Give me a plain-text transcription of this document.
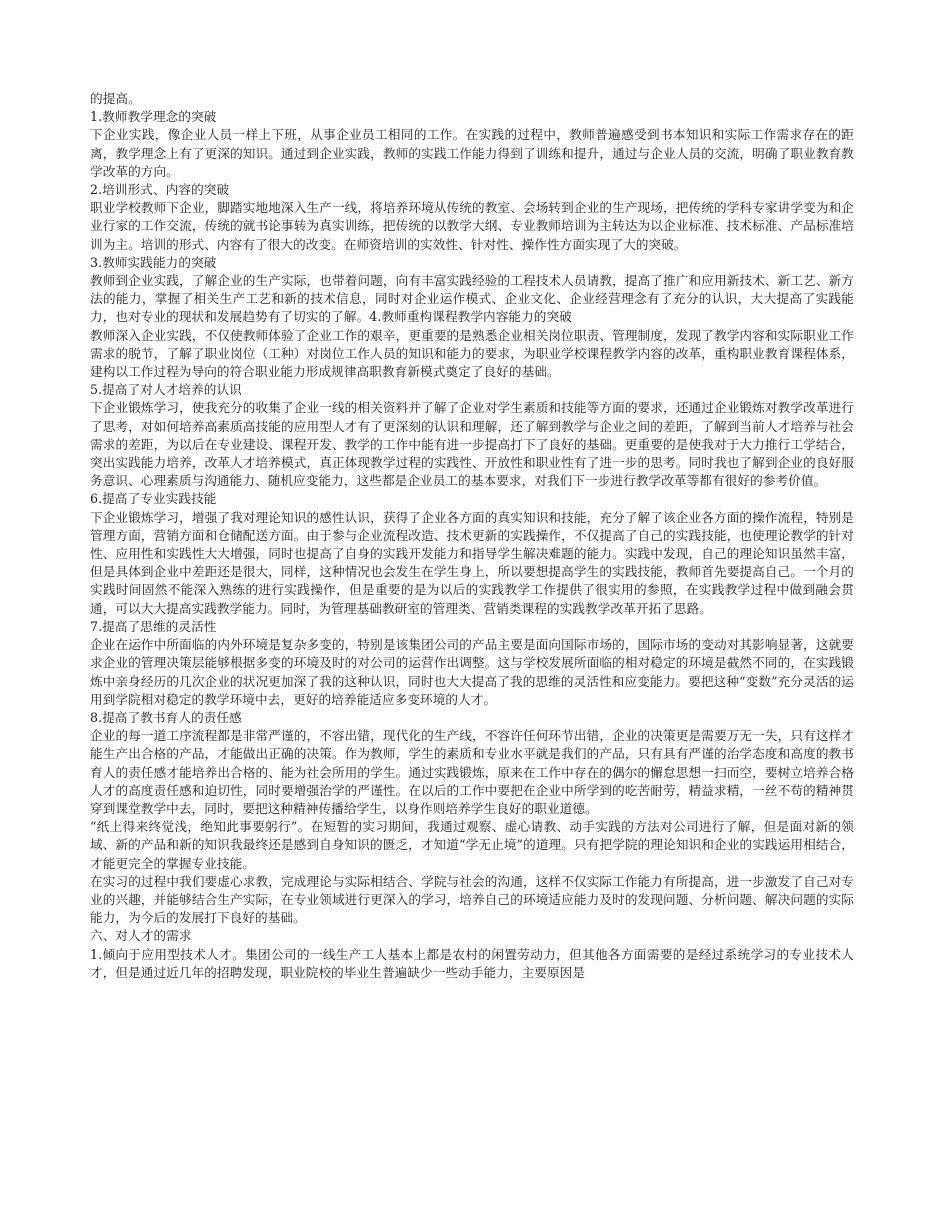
的提高。

1.教师教学理念的突破

下企业实践，像企业人员一样上下班，从事企业员工相同的工作。在实践的过程中，教师普遍感受到书本知识和实际工作需求存在的距离，教学理念上有了更深的知识。通过到企业实践，教师的实践工作能力得到了训练和提升，通过与企业人员的交流，明确了职业教育教学改革的方向。

2.培训形式、内容的突破

职业学校教师下企业，脚踏实地地深入生产一线，将培养环境从传统的教室、会场转到企业的生产现场，把传统的学科专家讲学变为和企业行家的工作交流，传统的就书论事转为真实训练，把传统的以教学大纲、专业教师培训为主转达为以企业标准、技术标准、产品标准培训为主。培训的形式、内容有了很大的改变。在师资培训的实效性、针对性、操作性方面实现了大的突破。

3.教师实践能力的突破

教师到企业实践，了解企业的生产实际，也带着问题，向有丰富实践经验的工程技术人员请教，提高了推广和应用新技术、新工艺、新方法的能力，掌握了相关生产工艺和新的技术信息，同时对企业运作模式、企业文化、企业经营理念有了充分的认识，大大提高了实践能力，也对专业的现状和发展趋势有了切实的了解。4.教师重构课程教学内容能力的突破

教师深入企业实践，不仅使教师体验了企业工作的艰辛，更重要的是熟悉企业相关岗位职责、管理制度，发现了教学内容和实际职业工作需求的脱节，了解了职业岗位（工种）对岗位工作人员的知识和能力的要求，为职业学校课程教学内容的改革，重构职业教育课程体系，建构以工作过程为导向的符合职业能力形成规律高职教育新模式奠定了良好的基础。

5.提高了对人才培养的认识

下企业锻炼学习，使我充分的收集了企业一线的相关资料并了解了企业对学生素质和技能等方面的要求，还通过企业锻炼对教学改革进行了思考，对如何培养高素质高技能的应用型人才有了更深刻的认识和理解，还了解到教学与企业之间的差距，了解到当前人才培养与社会需求的差距，为以后在专业建设、课程开发、教学的工作中能有进一步提高打下了良好的基础。更重要的是使我对于大力推行工学结合，突出实践能力培养，改革人才培养模式，真正体现教学过程的实践性、开放性和职业性有了进一步的思考。同时我也了解到企业的良好服务意识、心理素质与沟通能力、随机应变能力，这些都是企业员工的基本要求，对我们下一步进行教学改革等都有很好的参考价值。

6.提高了专业实践技能

下企业锻炼学习，增强了我对理论知识的感性认识，获得了企业各方面的真实知识和技能，充分了解了该企业各方面的操作流程，特别是管理方面，营销方面和仓储配送方面。由于参与企业流程改造、技术更新的实践操作，不仅提高了自己的实践技能，也使理论教学的针对性、应用性和实践性大大增强，同时也提高了自身的实践开发能力和指导学生解决难题的能力。实践中发现，自己的理论知识虽然丰富，但是具体到企业中差距还是很大，同样，这种情况也会发生在学生身上，所以要想提高学生的实践技能，教师首先要提高自己。一个月的实践时间固然不能深入熟练的进行实践操作，但是重要的是为以后的实践教学工作提供了很实用的参照，在实践教学过程中做到融会贯通，可以大大提高实践教学能力。同时，为管理基础教研室的管理类、营销类课程的实践教学改革开拓了思路。

7.提高了思维的灵活性

企业在运作中所面临的内外环境是复杂多变的，特别是该集团公司的产品主要是面向国际市场的，国际市场的变动对其影响显著，这就要求企业的管理决策层能够根据多变的环境及时的对公司的运营作出调整。这与学校发展所面临的相对稳定的环境是截然不同的，在实践锻炼中亲身经历的几次企业的状况更加深了我的这种认识，同时也大大提高了我的思维的灵活性和应变能力。要把这种“变数”充分灵活的运用到学院相对稳定的教学环境中去，更好的培养能适应多变环境的人才。

8.提高了教书育人的责任感

企业的每一道工序流程都是非常严谨的，不容出错，现代化的生产线，不容许任何环节出错，企业的决策更是需要万无一失，只有这样才能生产出合格的产品，才能做出正确的决策。作为教师，学生的素质和专业水平就是我们的产品，只有具有严谨的治学态度和高度的教书育人的责任感才能培养出合格的、能为社会所用的学生。通过实践锻炼，原来在工作中存在的偶尔的懈怠思想一扫而空，要树立培养合格人才的高度责任感和迫切性，同时要增强治学的严谨性。在以后的工作中要把在企业中所学到的吃苦耐劳，精益求精，一丝不苟的精神贯穿到课堂教学中去，同时，要把这种精神传播给学生，以身作则培养学生良好的职业道德。

“纸上得来终觉浅，绝知此事要躬行”。在短暂的实习期间，我通过观察、虚心请教、动手实践的方法对公司进行了解，但是面对新的领域、新的产品和新的知识我最终还是感到自身知识的匮乏，才知道“学无止境”的道理。只有把学院的理论知识和企业的实践运用相结合，才能更完全的掌握专业技能。

在实习的过程中我们要虚心求教，完成理论与实际相结合、学院与社会的沟通，这样不仅实际工作能力有所提高，进一步激发了自己对专业的兴趣，并能够结合生产实际，在专业领域进行更深入的学习，培养自己的环境适应能力及时的发现问题、分析问题、解决问题的实际能力，为今后的发展打下良好的基础。

六、对人才的需求

1.倾向于应用型技术人才。集团公司的一线生产工人基本上都是农村的闲置劳动力，但其他各方面需要的是经过系统学习的专业技术人才，但是通过近几年的招聘发现，职业院校的毕业生普遍缺少一些动手能力，主要原因是
